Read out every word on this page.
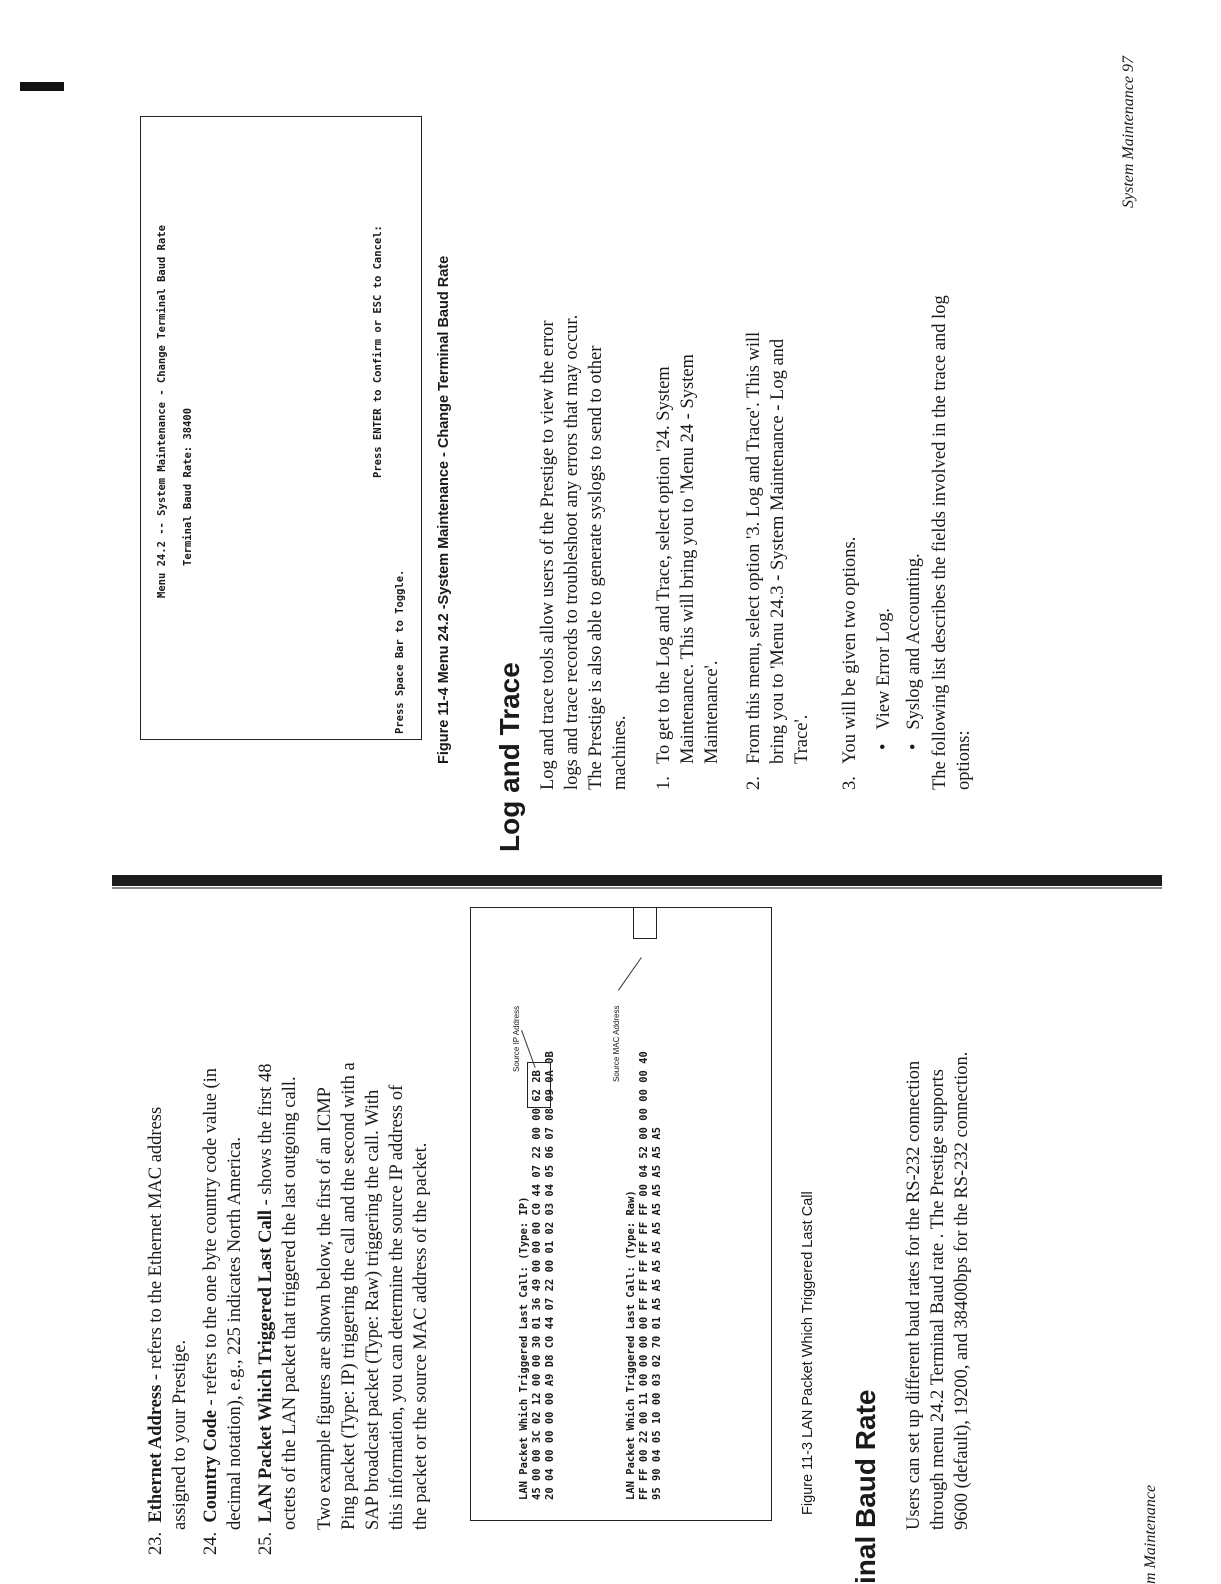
23.  Ethernet Address - refers to the Ethernet MAC address
assigned to your Prestige.
24.  Country Code - refers to the one byte country code value (in decimal notation), e.g., 225 indicates North America.
25.  LAN Packet Which Triggered Last Call - shows the first 48 octets of the LAN packet that triggered the last outgoing call. Two example figures are shown below, the first of an ICMP Ping packet (Type: IP) triggering the call and the second with a SAP broadcast packet (Type: Raw) triggering the call. With this information, you can determine the source IP address of the packet or the source MAC address of the packet.	LAN Packet Which Triggered Last Call: (Type: IP) 45 00 00 3C 02 12 00 00 30 01 36 49 00 00 00 C0 44 07 22 00 00 62 2B 20 04 00 00 00 00 A9 D8 C0 44 07 22 00 01 02 03 04 05 06 07 08 09 0A 0B	LAN Packet Which Triggered Last Call: (Type: Raw) FF FF 00 22 00 11 00 00 00 00 FF FF FF FF FF FF 00 04 52 00 00 00 00 40 95 90 04 05 10 00 03 02 70 01 A5 A5 A5 A5 A5 A5 A5 A5 A5 A5
Source IP Address	Source MAC Address
Figure 11-3 LAN Packet Which Triggered Last Call inal Baud Rate Users can set up different baud rates for the RS-232 connection through menu 24.2 Terminal Baud rate . The Prestige supports 9600 (default), 19200, and 38400bps for the RS-232 connection.
m Maintenance
Menu 24.2 -- System Maintenance - Change Terminal Baud Rate Terminal Baud Rate: 38400
Press ENTER to Confirm or ESC to Cancel:
Press Space Bar to Toggle. Figure 11-4 Menu 24.2 -System Maintenance - Change Terminal Baud Rate Log and Trace Log and trace tools allow users of the Prestige to view the error logs and trace records to troubleshoot any errors that may occur. The Prestige is also able to generate syslogs to send to other machines. 1.
To get to the Log and Trace, select option '24. System Maintenance. This will bring you to 'Menu 24 - System Maintenance'.
2.
From this menu, select option '3. Log and Trace'. This will bring you to 'Menu 24.3 - System Maintenance - Log and Trace'.
3.
You will be given two options. •   View Error Log.
•   Syslog and Accounting. The following list describes the fields involved in the trace and log options:
System Maintenance 97
